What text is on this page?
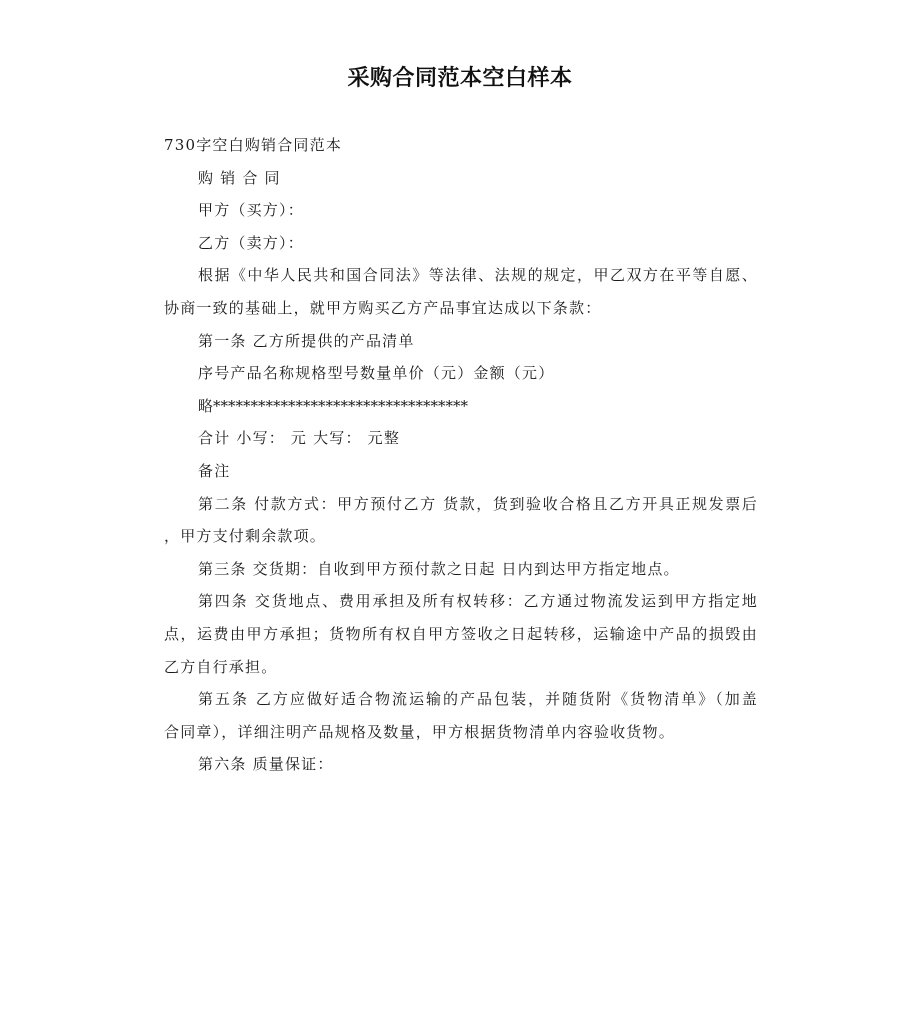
采购合同范本空白样本
730字空白购销合同范本
购 销 合 同
甲方（买方）：
乙方（卖方）：
根据《中华人民共和国合同法》等法律、法规的规定，甲乙双方在平等自愿、
协商一致的基础上，就甲方购买乙方产品事宜达成以下条款：
第一条 乙方所提供的产品清单
序号产品名称规格型号数量单价（元）金额（元）
略**********************************
合计 小写： 元 大写： 元整
备注
第二条 付款方式：甲方预付乙方 货款，货到验收合格且乙方开具正规发票后
，甲方支付剩余款项。
第三条 交货期：自收到甲方预付款之日起 日内到达甲方指定地点。
第四条 交货地点、费用承担及所有权转移：乙方通过物流发运到甲方指定地
点，运费由甲方承担；货物所有权自甲方签收之日起转移，运输途中产品的损毁由
乙方自行承担。
第五条 乙方应做好适合物流运输的产品包装，并随货附《货物清单》（加盖
合同章），详细注明产品规格及数量，甲方根据货物清单内容验收货物。
第六条 质量保证：
